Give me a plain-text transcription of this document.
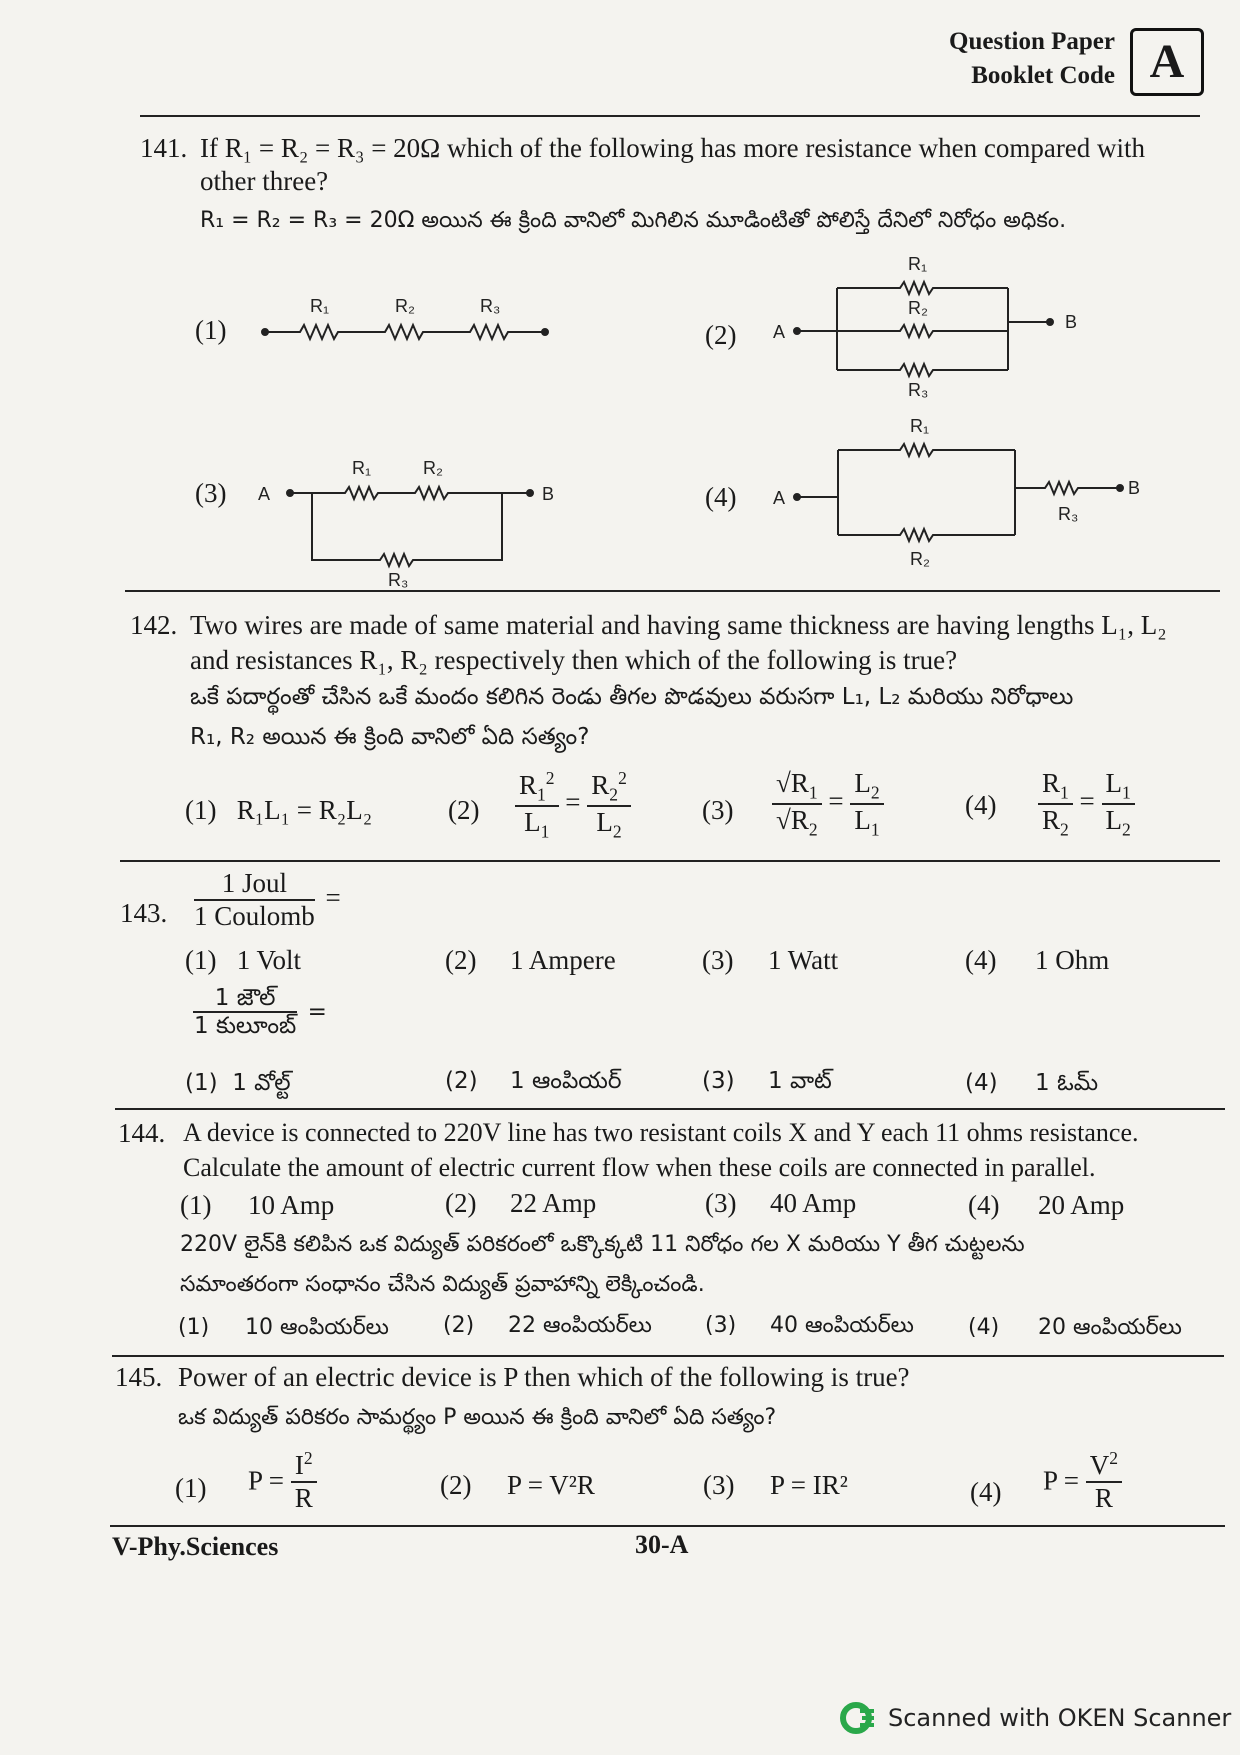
Question Paper
Booklet Code A
141. If R₁ = R₂ = R₃ = 20Ω which of the following has more resistance when compared with
other three?
R₁ = R₂ = R₃ = 20Ω అయిన ఈ క్రింది వానిలో మిగిలిన మూడింటితో పోలిస్తే దేనిలో నిరోధం అధికం.
(1)	(2)
(3)	(4)
R₁	R₂	R₃
A	B
R₁
R₂
R₃
A	B
R₁	R₂
R₃
A	B
R₁
R₂
R₃
142. Two wires are made of same material and having same thickness are having lengths L₁, L₂
and resistances R₁, R₂ respectively then which of the following is true?
ఒకే పదార్థంతో చేసిన ఒకే మందం కలిగిన రెండు తీగల పొడవులు వరుసగా L₁, L₂ మరియు నిరోధాలు
R₁, R₂ అయిన ఈ క్రింది వానిలో ఏది సత్యం?
(1) R₁L₁ = R₂L₂	$(2) \frac{R_1^2}{L_1} = \frac{R_2^2}{L_2}$	$(3) \frac{√R_1}{√R_2} = \frac{L_2}{L_1}$	$(4) \frac{R_1}{R_2} = \frac{L_1}{L_2}$
143. $\frac{\text{1 Joul}}{\text{1 Coulomb}}$ =
(1) 1 Volt	(2) 1 Ampere	(3) 1 Watt	(4) 1 Ohm
$\frac{\text{1 జౌల్}}{\text{1 కులూంబ్}}$ =
(1) 1 వోల్ట్	(2) 1 ఆంపియర్	(3) 1 వాట్	(4) 1 ఓమ్
144. A device is connected to 220V line has two resistant coils X and Y each 11 ohms resistance.
Calculate the amount of electric current flow when these coils are connected in parallel.
(1) 10 Amp	(2) 22 Amp	(3) 40 Amp	(4) 20 Amp
220V లైన్‌కి కలిపిన ఒక విద్యుత్ పరికరంలో ఒక్కొక్కటి 11 నిరోధం గల X మరియు Y తీగ చుట్టలను
సమాంతరంగా సంధానం చేసిన విద్యుత్ ప్రవాహాన్ని లెక్కించండి.
(1) 10 ఆంపియర్‌లు (2) 22 ఆంపియర్‌లు (3) 40 ఆంపియర్‌లు (4) 20 ఆంపియర్‌లు
145. Power of an electric device is P then which of the following is true?
ఒక విద్యుత్ పరికరం సామర్థ్యం P అయిన ఈ క్రింది వానిలో ఏది సత్యం?
(1) $P = \frac{I^2}{R}$	(2) P = V²R	(3) P = IR²	(4) $P = \frac{V^2}{R}$
V-Phy.Sciences	30-A
Scanned with OKEN Scanner
